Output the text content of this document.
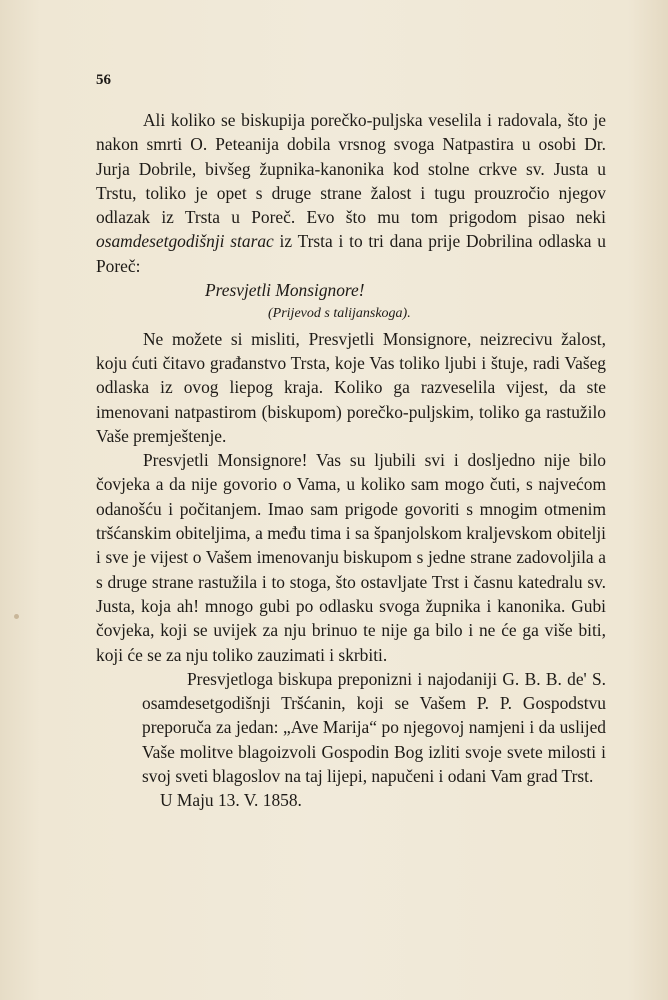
56

Ali koliko se biskupija porečko-puljska veselila i radovala, što je nakon smrti O. Peteanija dobila vrsnog svoga Natpastira u osobi Dr. Jurja Dobrile, bivšeg župnika-kanonika kod stolne crkve sv. Justa u Trstu, toliko je opet s druge strane žalost i tugu prouzročio njegov odlazak iz Trsta u Poreč. Evo što mu tom prigodom pisao neki osamdesetgodišnji starac iz Trsta i to tri dana prije Dobrilina odlaska u Poreč:

Presvjetli Monsignore!

(Prijevod s talijanskoga).

Ne možete si misliti, Presvjetli Monsignore, neizrecivu žalost, koju ćuti čitavo građanstvo Trsta, koje Vas toliko ljubi i štuje, radi Vašeg odlaska iz ovog liepog kraja. Koliko ga razveselila vijest, da ste imenovani natpastirom (biskupom) porečko-puljskim, toliko ga rastužilo Vaše premještenje.

Presvjetli Monsignore! Vas su ljubili svi i dosljedno nije bilo čovjeka a da nije govorio o Vama, u koliko sam mogo čuti, s najvećom odanošću i počitanjem. Imao sam prigode govoriti s mnogim otmenim tršćanskim obiteljima, a među tima i sa španjolskom kraljevskom obitelji i sve je vijest o Vašem imenovanju biskupom s jedne strane zadovoljila a s druge strane rastužila i to stoga, što ostavljate Trst i časnu katedralu sv. Justa, koja ah! mnogo gubi po odlasku svoga župnika i kanonika. Gubi čovjeka, koji se uvijek za nju brinuo te nije ga bilo i ne će ga više biti, koji će se za nju toliko zauzimati i skrbiti.

Presvjetloga biskupa preponizni i najodaniji G. B. B. de' S. osamdesetgodišnji Tršćanin, koji se Vašem P. P. Gospodstvu preporuča za jedan: „Ave Marija“ po njegovoj namjeni i da uslijed Vaše molitve blagoizvoli Gospodin Bog izliti svoje svete milosti i svoj sveti blagoslov na taj lijepi, napučeni i odani Vam grad Trst.

U Maju 13. V. 1858.
